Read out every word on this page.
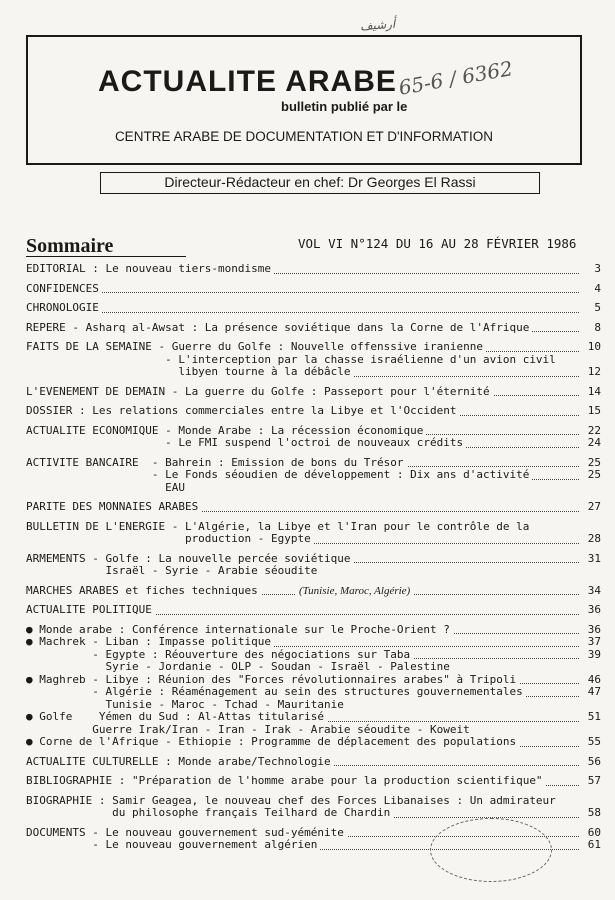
ﺃﺭﺷﻴﻒ
ACTUALITE ARABE
bulletin publié par le
CENTRE ARABE DE DOCUMENTATION ET D'INFORMATION
65-6 / 6362
Directeur-Rédacteur en chef: Dr Georges El Rassi
Sommaire	VOL VI N°124 DU 16 AU 28 FÉVRIER 1986
EDITORIAL : Le nouveau tiers-mondisme	3
CONFIDENCES	4
CHRONOLOGIE	5
REPERE - Asharq al-Awsat : La présence soviétique dans la Corne de l'Afrique	8
FAITS DE LA SEMAINE - Guerre du Golfe : Nouvelle offenssive iranienne	10
- L'interception par la chasse israélienne d'un avion civil
libyen tourne à la débâcle	12
L'EVENEMENT DE DEMAIN - La guerre du Golfe : Passeport pour l'éternité	14
DOSSIER : Les relations commerciales entre la Libye et l'Occident	15
ACTUALITE ECONOMIQUE - Monde Arabe : La récession économique	22
- Le FMI suspend l'octroi de nouveaux crédits	24
ACTIVITE BANCAIRE  - Bahrein : Emission de bons du Trésor	25
- Le Fonds séoudien de développement : Dix ans d'activité	25
EAU
PARITE DES MONNAIES ARABES	27
BULLETIN DE L'ENERGIE - L'Algérie, la Libye et l'Iran pour le contrôle de la
production - Egypte	28
ARMEMENTS - Golfe : La nouvelle percée soviétique	31
Israël - Syrie - Arabie séoudite
MARCHES ARABES et fiches techniques	(Tunisie, Maroc, Algérie)	34
ACTUALITE POLITIQUE	36
● Monde arabe : Conférence internationale sur le Proche-Orient ?	36
● Machrek - Liban : Impasse politique	37
- Egypte : Réouverture des négociations sur Taba	39
Syrie - Jordanie - OLP - Soudan - Israël - Palestine
● Maghreb - Libye : Réunion des "Forces révolutionnaires arabes" à Tripoli	46
- Algérie : Réaménagement au sein des structures gouvernementales	47
Tunisie - Maroc - Tchad - Mauritanie
● Golfe    Yémen du Sud : Al-Attas titularisé	51
Guerre Irak/Iran - Iran - Irak - Arabie séoudite - Koweit
● Corne de l'Afrique - Ethiopie : Programme de déplacement des populations	55
ACTUALITE CULTURELLE : Monde arabe/Technologie	56
BIBLIOGRAPHIE : "Préparation de l'homme arabe pour la production scientifique"	57
BIOGRAPHIE : Samir Geagea, le nouveau chef des Forces Libanaises : Un admirateur
du philosophe français Teilhard de Chardin	58
DOCUMENTS - Le nouveau gouvernement sud-yéménite	60
- Le nouveau gouvernement algérien	61
